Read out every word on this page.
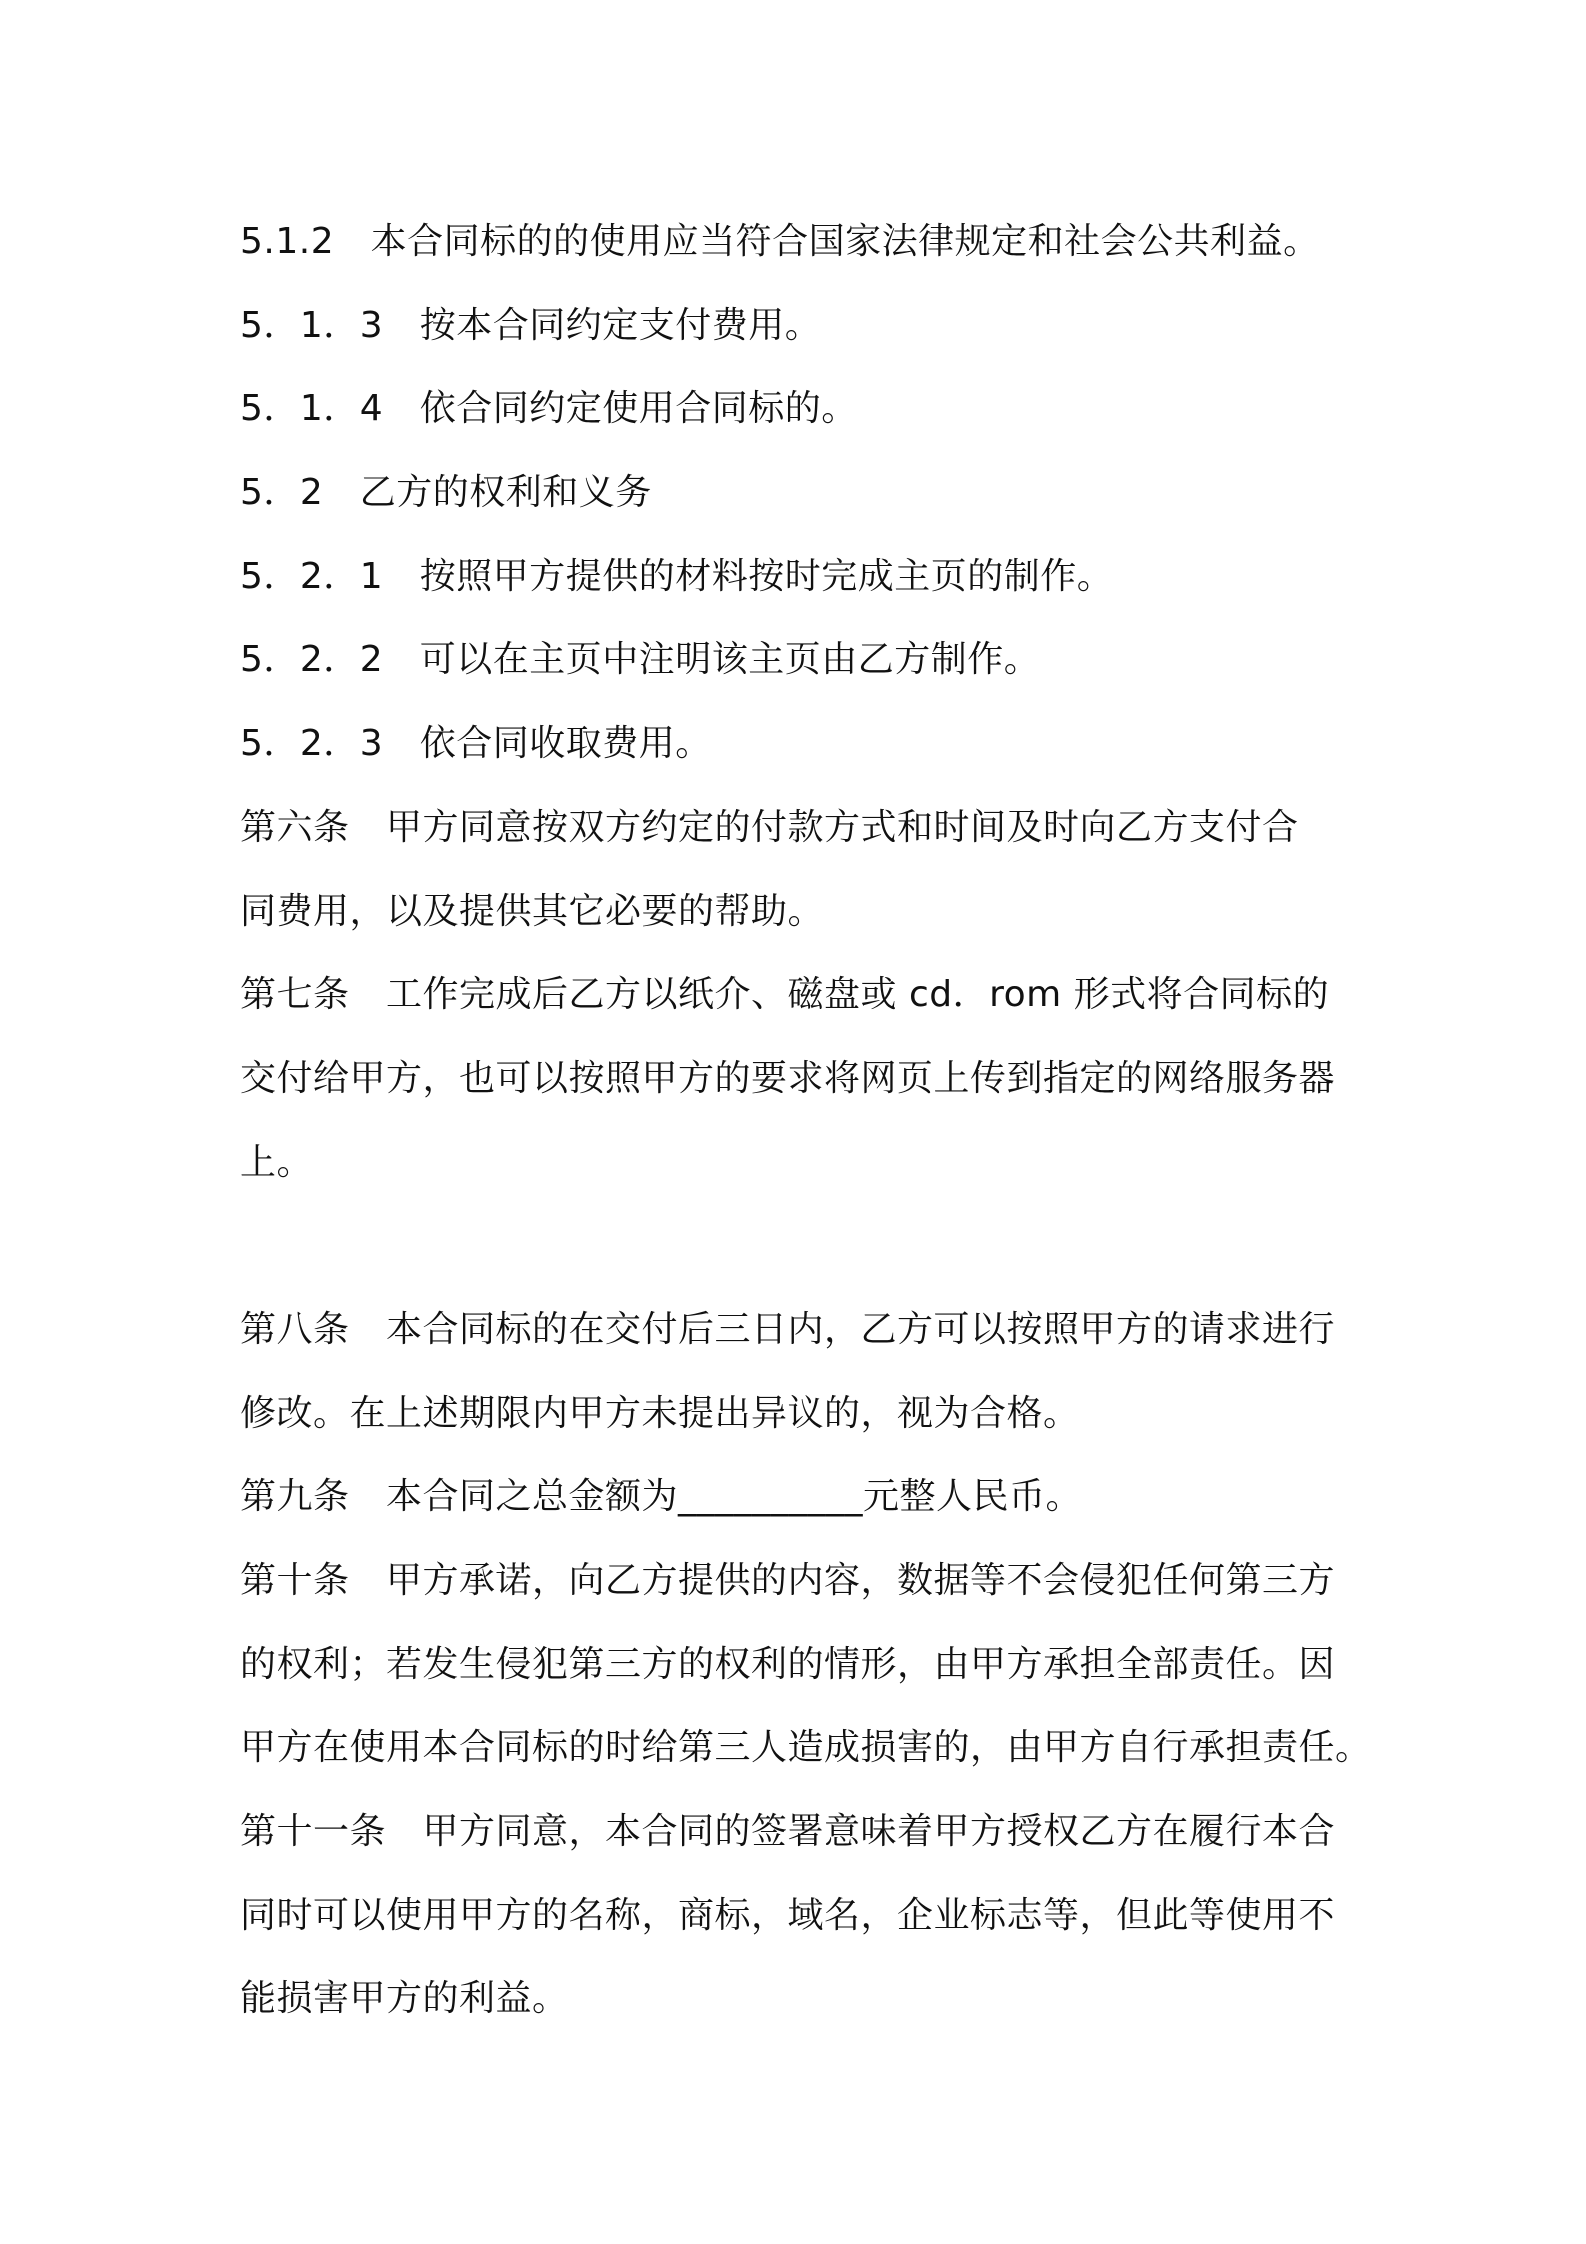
5.1.2　本合同标的的使用应当符合国家法律规定和社会公共利益。
5．1．3　按本合同约定支付费用。
5．1．4　依合同约定使用合同标的。
5．2　乙方的权利和义务
5．2．1　按照甲方提供的材料按时完成主页的制作。
5．2．2　可以在主页中注明该主页由乙方制作。
5．2．3　依合同收取费用。
第六条　甲方同意按双方约定的付款方式和时间及时向乙方支付合
同费用，以及提供其它必要的帮助。
第七条　工作完成后乙方以纸介、磁盘或 cd．rom 形式将合同标的
交付给甲方，也可以按照甲方的要求将网页上传到指定的网络服务器
上。
第八条　本合同标的在交付后三日内，乙方可以按照甲方的请求进行
修改。在上述期限内甲方未提出异议的，视为合格。
第九条　本合同之总金额为__________元整人民币。
第十条　甲方承诺，向乙方提供的内容，数据等不会侵犯任何第三方
的权利；若发生侵犯第三方的权利的情形，由甲方承担全部责任。因
甲方在使用本合同标的时给第三人造成损害的，由甲方自行承担责任。
第十一条　甲方同意，本合同的签署意味着甲方授权乙方在履行本合
同时可以使用甲方的名称，商标，域名，企业标志等，但此等使用不
能损害甲方的利益。
